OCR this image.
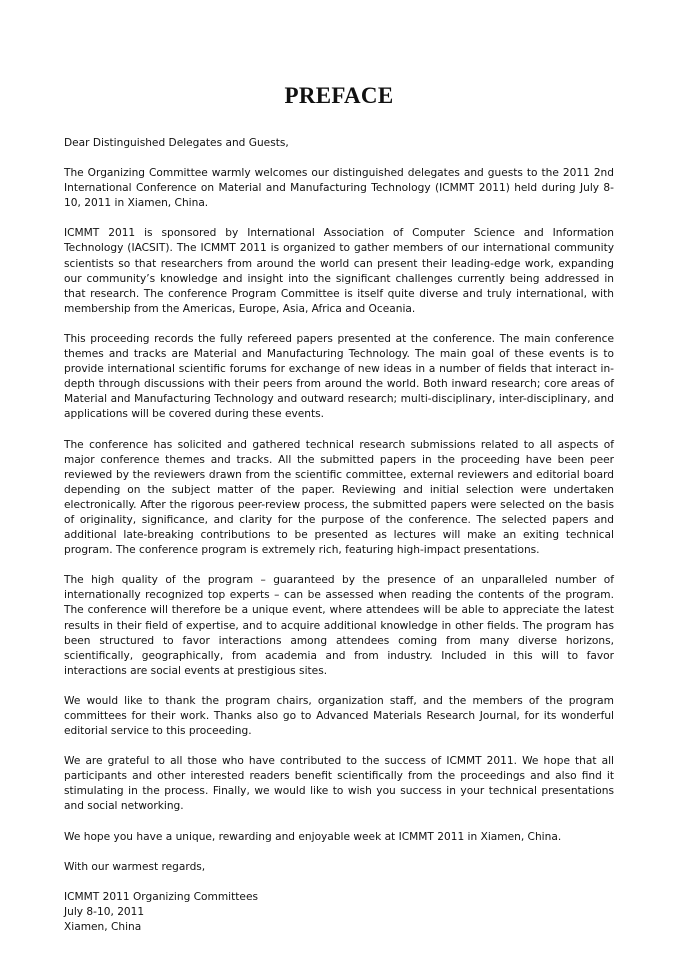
PREFACE
Dear Distinguished Delegates and Guests,
The Organizing Committee warmly welcomes our distinguished delegates and guests to the 2011 2nd International Conference on Material and Manufacturing Technology (ICMMT 2011) held during July 8-10, 2011 in Xiamen, China.
ICMMT 2011 is sponsored by International Association of Computer Science and Information Technology (IACSIT). The ICMMT 2011 is organized to gather members of our international community scientists so that researchers from around the world can present their leading-edge work, expanding our community’s knowledge and insight into the significant challenges currently being addressed in that research. The conference Program Committee is itself quite diverse and truly international, with membership from the Americas, Europe, Asia, Africa and Oceania.
This proceeding records the fully refereed papers presented at the conference. The main conference themes and tracks are Material and Manufacturing Technology. The main goal of these events is to provide international scientific forums for exchange of new ideas in a number of fields that interact in-depth through discussions with their peers from around the world. Both inward research; core areas of Material and Manufacturing Technology and outward research; multi-disciplinary, inter-disciplinary, and applications will be covered during these events.
The conference has solicited and gathered technical research submissions related to all aspects of major conference themes and tracks. All the submitted papers in the proceeding have been peer reviewed by the reviewers drawn from the scientific committee, external reviewers and editorial board depending on the subject matter of the paper. Reviewing and initial selection were undertaken electronically. After the rigorous peer-review process, the submitted papers were selected on the basis of originality, significance, and clarity for the purpose of the conference. The selected papers and additional late-breaking contributions to be presented as lectures will make an exiting technical program. The conference program is extremely rich, featuring high-impact presentations.
The high quality of the program – guaranteed by the presence of an unparalleled number of internationally recognized top experts – can be assessed when reading the contents of the program. The conference will therefore be a unique event, where attendees will be able to appreciate the latest results in their field of expertise, and to acquire additional knowledge in other fields. The program has been structured to favor interactions among attendees coming from many diverse horizons, scientifically, geographically, from academia and from industry. Included in this will to favor interactions are social events at prestigious sites.
We would like to thank the program chairs, organization staff, and the members of the program committees for their work. Thanks also go to Advanced Materials Research Journal, for its wonderful editorial service to this proceeding.
We are grateful to all those who have contributed to the success of ICMMT 2011. We hope that all participants and other interested readers benefit scientifically from the proceedings and also find it stimulating in the process. Finally, we would like to wish you success in your technical presentations and social networking.
We hope you have a unique, rewarding and enjoyable week at ICMMT 2011 in Xiamen, China.
With our warmest regards,
ICMMT 2011 Organizing Committees
July 8-10, 2011
Xiamen, China
